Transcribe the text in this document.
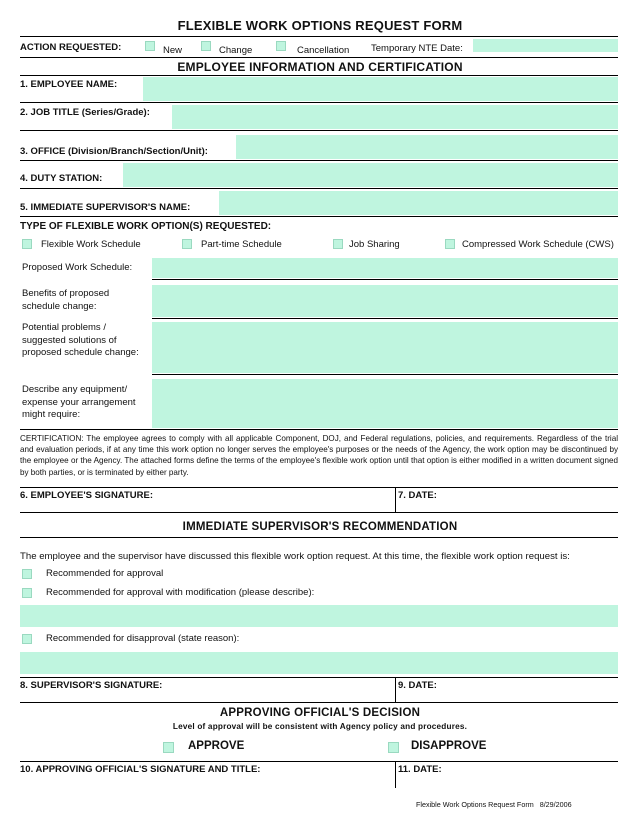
FLEXIBLE WORK OPTIONS REQUEST FORM
ACTION REQUESTED:	New	Change	Cancellation Temporary NTE Date:
EMPLOYEE INFORMATION AND CERTIFICATION
1. EMPLOYEE NAME:
2. JOB TITLE (Series/Grade):
3. OFFICE (Division/Branch/Section/Unit):
4. DUTY STATION:
5. IMMEDIATE SUPERVISOR'S NAME:
TYPE OF FLEXIBLE WORK OPTION(S) REQUESTED:
Flexible Work Schedule	Part-time Schedule	Job Sharing	Compressed Work Schedule (CWS)
Proposed Work Schedule:
Benefits of proposed
schedule change:
Potential problems /
suggested solutions of
proposed schedule change:
Describe any equipment/
expense your arrangement
might require:
CERTIFICATION: The employee agrees to comply with all applicable Component, DOJ, and Federal regulations, policies, and requirements. Regardless of the trial and evaluation periods, if at any time this work option no longer serves the employee's purposes or the needs of the Agency, the work option may be discontinued by the employee or the Agency. The attached forms define the terms of the employee's flexible work option until that option is either modified in a written document signed by both parties, or is terminated by either party.
6. EMPLOYEE'S SIGNATURE:	7. DATE:
IMMEDIATE SUPERVISOR'S RECOMMENDATION
The employee and the supervisor have discussed this flexible work option request. At this time, the flexible work option request is:
Recommended for approval
Recommended for approval with modification (please describe):
Recommended for disapproval (state reason):
8. SUPERVISOR'S SIGNATURE:	9. DATE:
APPROVING OFFICIAL'S DECISION
Level of approval will be consistent with Agency policy and procedures.
APPROVE	DISAPPROVE
10. APPROVING OFFICIAL'S SIGNATURE AND TITLE:	11. DATE:
Flexible Work Options Request Form   8/29/2006
